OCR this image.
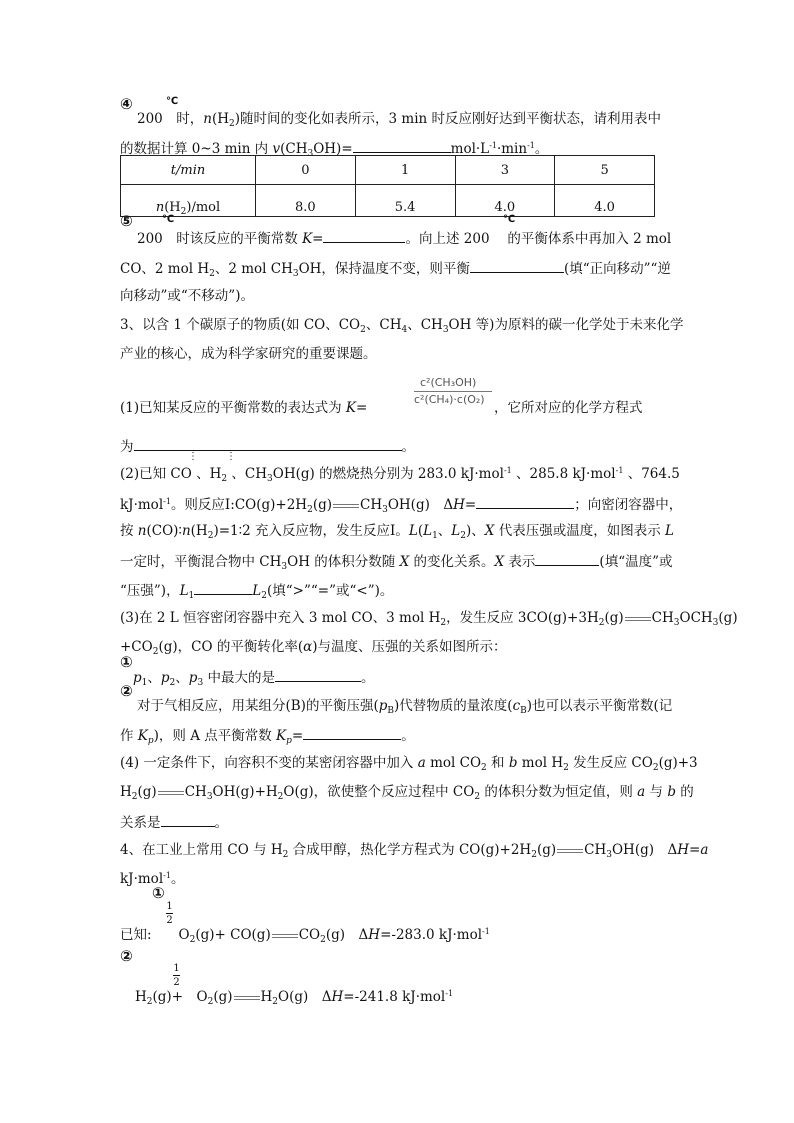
④	℃
200　时，$n(H_2)$随时间的变化如表所示，3 min 时反应刚好达到平衡状态，请利用表中
的数据计算 0~3 min 内 $v(CH_3OH)=$	$mol\cdot L^{-1}\cdot\min^{-1}$。
t/min	0	1	3	5
$n(H_2)$/mol	8.0	5.4	4.0	4.0
⑤	℃	℃
200　时该反应的平衡常数 K=	。向上述 200　 的平衡体系中再加入 2 mol
CO、2 mol $H_2$、2 mol $CH_3OH$，保持温度不变，则平衡	(填“正向移动”“逆
向移动”或“不移动”)。
3、以含 1 个碳原子的物质(如 CO、$CO_2$、$CH_4$、$CH_3OH$ 等)为原料的碳一化学处于未来化学
产业的核心，成为科学家研究的重要课题。
(1)已知某反应的平衡常数的表达式为 K=
c²(CH₃OH)
c²(CH₄)·c(O₂)
，它所对应的化学方程式
为	。
⋮	⋮
(2)已知 CO 、$H_2$ 、$CH_3OH(g)$ 的燃烧热分别为 283.0 kJ·mol$^{-1}$ 、285.8 kJ·mol$^{-1}$ 、764.5
kJ·mol$^{-1}$。则反应$Ⅰ:CO(g)+2H_2(g)$ $CH_3OH(g)$　ΔH=	；向密闭容器中，
按 $n(CO)∶n(H_2)=1∶2$ 充入反应物，发生反应Ⅰ。$L(L_1$、$L_2$)、X 代表压强或温度，如图表示 L
一定时，平衡混合物中 $CH_3OH$ 的体积分数随 X 的变化关系。X 表示	(填“温度”或
“压强”)，$L_1$	$L_2$(填“>”“=”或“<”)。
(3)在 2 L 恒容密闭容器中充入 3 mol CO、3 mol $H_2$，发生反应 $3CO(g)+3H_2(g)$ $CH_3OCH_3(g)$
$+CO_2(g)$，CO 的平衡转化率(α)与温度、压强的关系如图所示：
①
$p_1$、$p_2$、$p_3$ 中最大的是	。
②
对于气相反应，用某组分(B)的平衡压强$(p_B)$代替物质的量浓度$(c_B)$也可以表示平衡常数(记
作 $K_p$)，则 A 点平衡常数 $K_p=$	。
(4) 一定条件下，向容积不变的某密闭容器中加入 a mol $CO_2$ 和 b mol $H_2$ 发生反应 $CO_2(g)+3$
$H_2(g)$ $CH_3OH(g)+H_2O(g)$，欲使整个反应过程中 $CO_2$ 的体积分数为恒定值，则 a 与 b 的
关系是	。
4、在工业上常用 CO 与 $H_2$ 合成甲醇，热化学方程式为 $CO(g)+2H_2(g)$ $CH_3OH(g)$　ΔH=a
kJ·mol$^{-1}$。
①
1
2
已知:　　$O_2(g)+ CO(g)$ $CO_2(g)$　ΔH=-283.0 kJ·mol$^{-1}$
②
1
2
$H_2(g)+$　$O_2(g)$ $H_2O(g)$　ΔH=-241.8 kJ·mol$^{-1}$
